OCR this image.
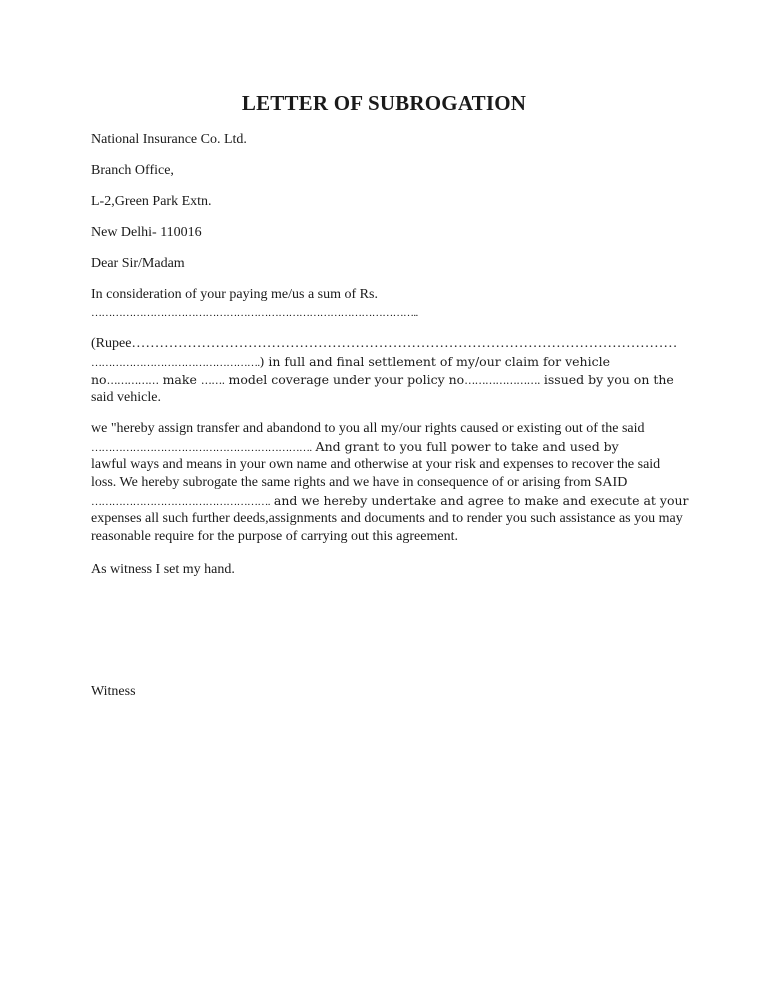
LETTER OF SUBROGATION
National Insurance Co. Ltd.
Branch Office,
L-2,Green Park Extn.
New Delhi- 110016
Dear Sir/Madam
In consideration of your paying me/us a sum of Rs.
…………………………………………………………………………………..
(Rupee………………………………………………………………………………………………………
………………………………………….) in full and final settlement of my/our claim for vehicle
no…………… make ……. model coverage under your policy no…………………. issued by you on the
said vehicle.
we "hereby assign transfer and abandond to you all my/our rights caused or existing out of the said
………………………………………………………. And grant to you full power to take and used by
lawful ways and means in your own name and otherwise at your risk and expenses to recover the said
loss. We hereby subrogate the same rights and we have in consequence of or arising from SAID
……………………………………………. and we hereby undertake and agree to make and execute at your
expenses all such further deeds,assignments and documents and to render you such assistance as you may
reasonable require for the purpose of carrying out this agreement.
As witness I set my hand.
Witness
